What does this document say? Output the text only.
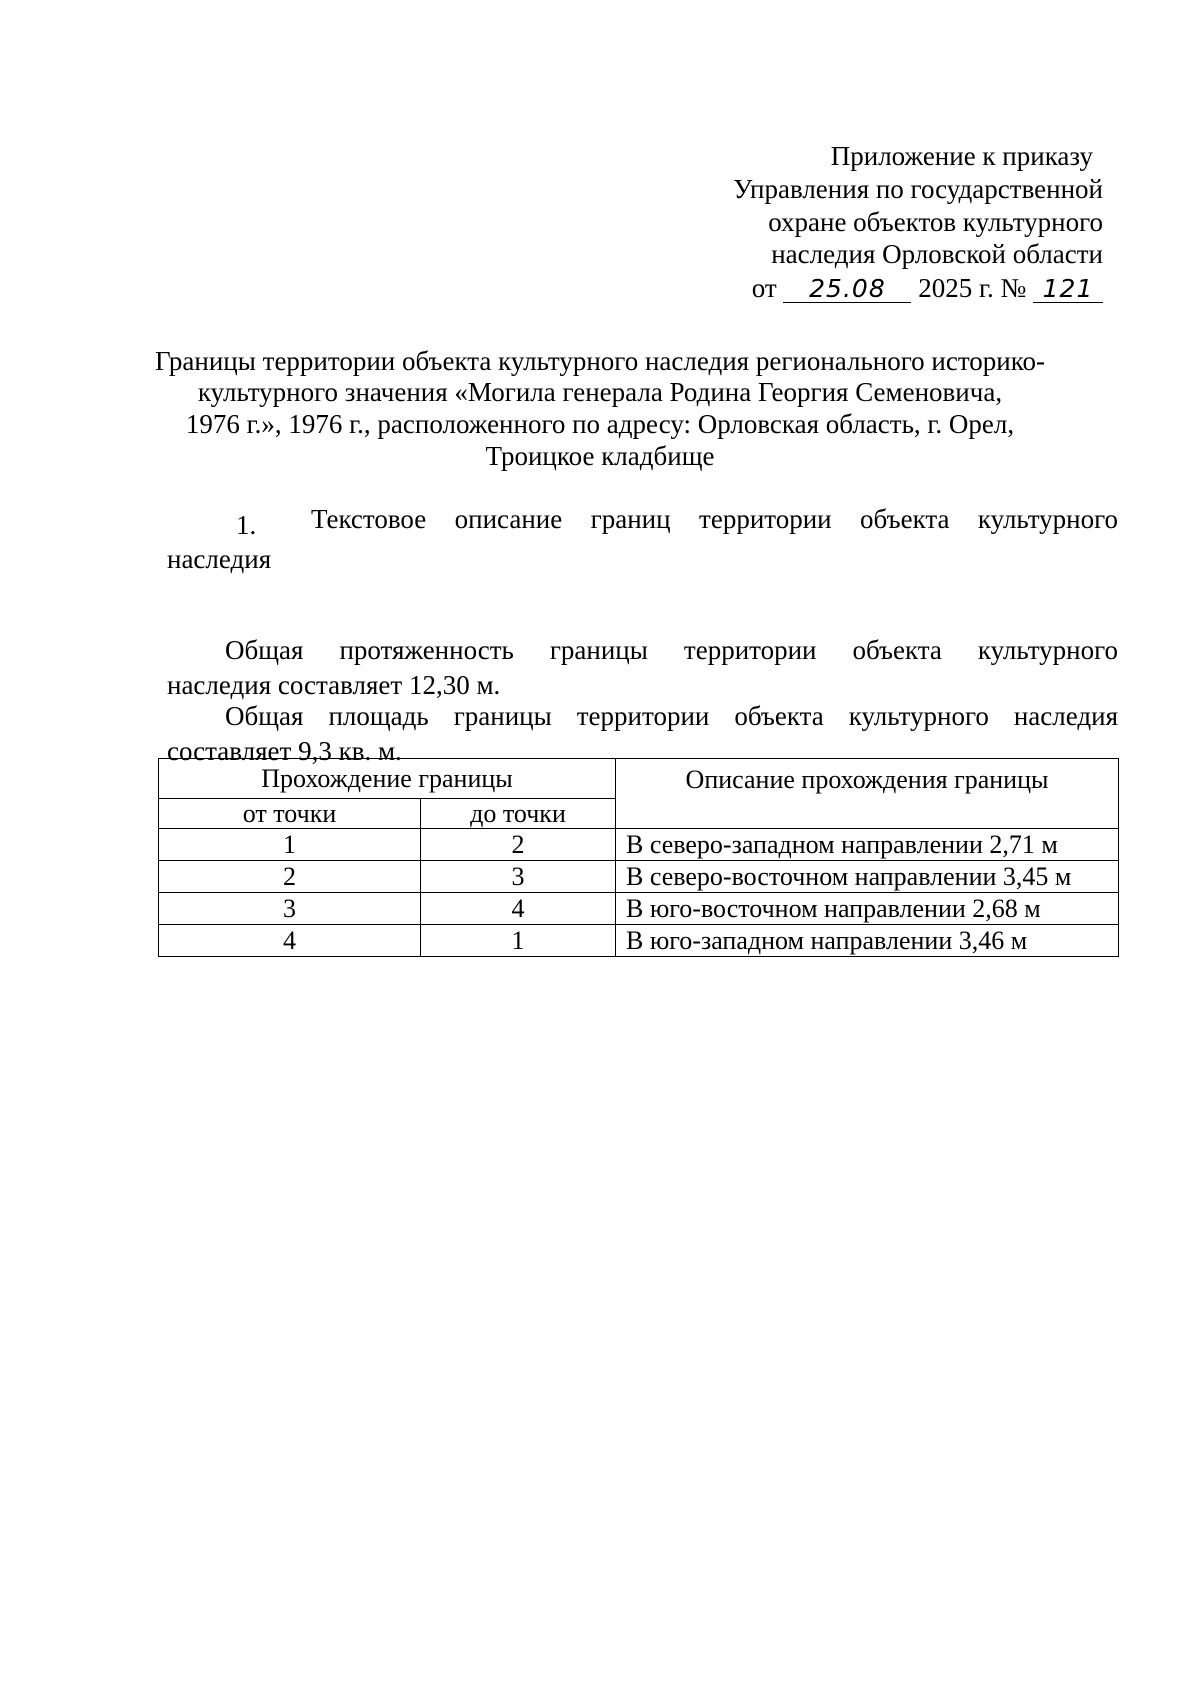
Приложение к приказу
Управления по государственной
охране объектов культурного
наследия Орловской области
от 25.08 2025 г. № 121
Границы территории объекта культурного наследия регионального историко-
культурного значения «Могила генерала Родина Георгия Семеновича,
1976 г.», 1976 г., расположенного по адресу: Орловская область, г. Орел,
Троицкое кладбище
1. Текстовое описание границ территории объекта культурного
наследия
Общая протяженность границы территории объекта культурного
наследия составляет 12,30 м.
Общая площадь границы территории объекта культурного наследия
составляет 9,3 кв. м.
Прохождение границы		Описание прохождения границы
от точки	до точки	
1	2	В северо-западном направлении 2,71 м
2	3	В северо-восточном направлении 3,45 м
3	4	В юго-восточном направлении 2,68 м
4	1	В юго-западном направлении 3,46 м
